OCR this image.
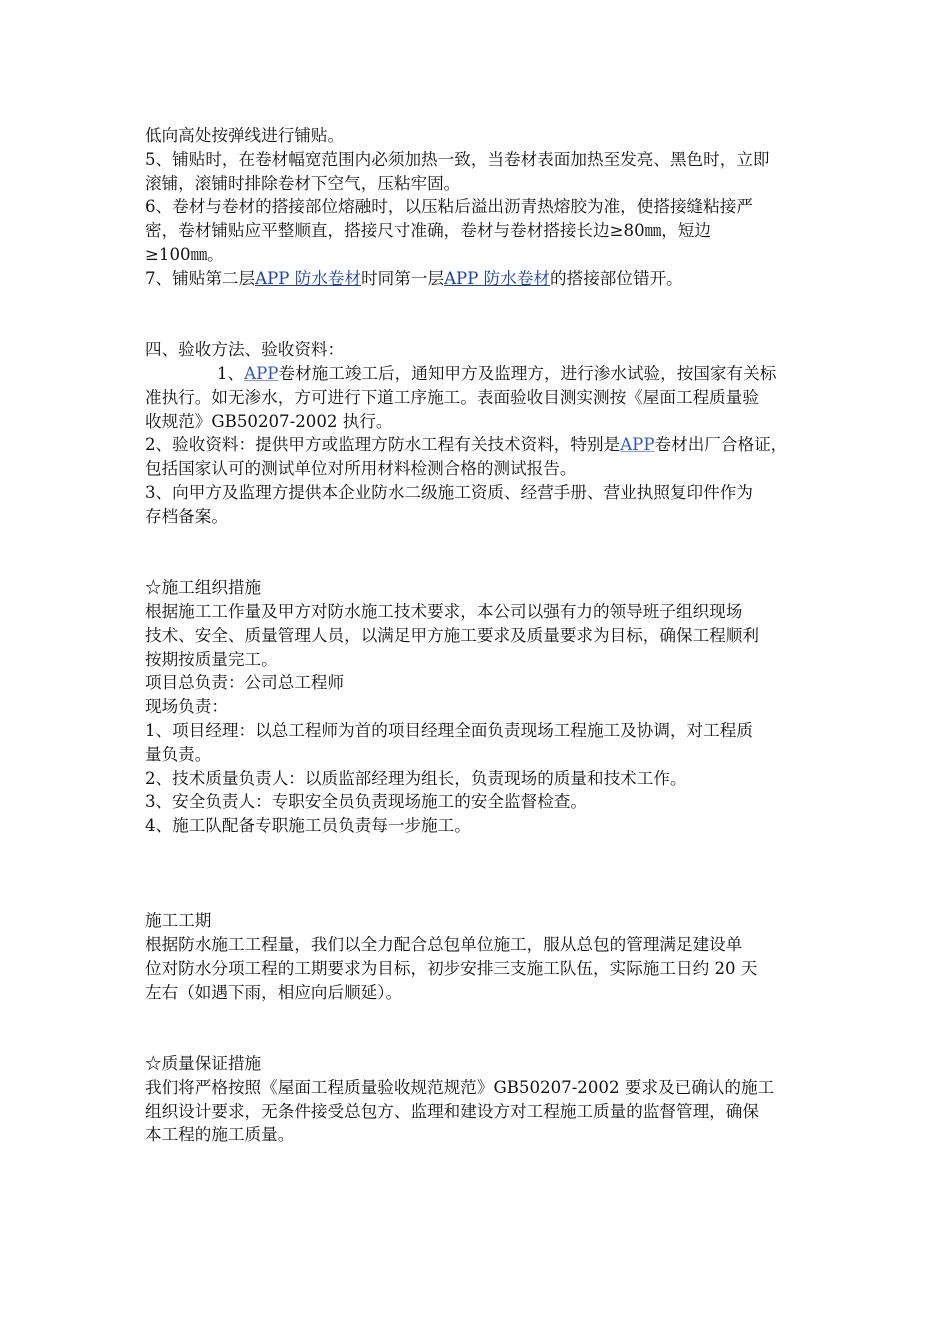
低向高处按弹线进行铺贴。

5、铺贴时，在卷材幅宽范围内必须加热一致，当卷材表面加热至发亮、黑色时，立即

滚铺，滚铺时排除卷材下空气，压粘牢固。

6、卷材与卷材的搭接部位熔融时，以压粘后溢出沥青热熔胶为准，使搭接缝粘接严

密，卷材铺贴应平整顺直，搭接尺寸准确，卷材与卷材搭接长边≥80㎜，短边

≥100㎜。

7、铺贴第二层APP 防水卷材时同第一层APP 防水卷材的搭接部位错开。

四、验收方法、验收资料：

1、APP卷材施工竣工后，通知甲方及监理方，进行渗水试验，按国家有关标

准执行。如无渗水，方可进行下道工序施工。表面验收目测实测按《屋面工程质量验

收规范》GB50207-2002 执行。

2、验收资料：提供甲方或监理方防水工程有关技术资料，特别是APP卷材出厂合格证，

包括国家认可的测试单位对所用材料检测合格的测试报告。

3、向甲方及监理方提供本企业防水二级施工资质、经营手册、营业执照复印件作为

存档备案。

☆施工组织措施

根据施工工作量及甲方对防水施工技术要求，本公司以强有力的领导班子组织现场

技术、安全、质量管理人员，以满足甲方施工要求及质量要求为目标，确保工程顺利

按期按质量完工。

项目总负责：公司总工程师

现场负责：

1、项目经理：以总工程师为首的项目经理全面负责现场工程施工及协调，对工程质

量负责。

2、技术质量负责人：以质监部经理为组长，负责现场的质量和技术工作。

3、安全负责人：专职安全员负责现场施工的安全监督检查。

4、施工队配备专职施工员负责每一步施工。

施工工期

根据防水施工工程量，我们以全力配合总包单位施工，服从总包的管理满足建设单

位对防水分项工程的工期要求为目标，初步安排三支施工队伍，实际施工日约 20 天

左右（如遇下雨，相应向后顺延）。

☆质量保证措施

我们将严格按照《屋面工程质量验收规范规范》GB50207-2002 要求及已确认的施工

组织设计要求，无条件接受总包方、监理和建设方对工程施工质量的监督管理，确保

本工程的施工质量。
